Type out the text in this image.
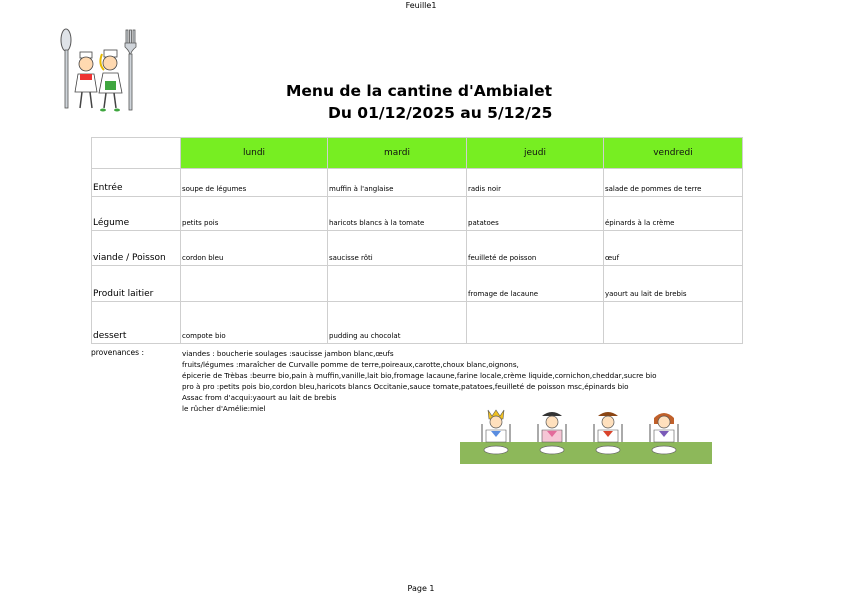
Feuille1
Menu de la cantine d'Ambialet
Du 01/12/2025 au 5/12/25
	lundi	mardi	jeudi	vendredi
Entrée	soupe de légumes	muffin à l'anglaise	radis noir	salade de pommes de terre
Légume	petits pois	haricots blancs à la tomate	patatoes	épinards à la crème
viande / Poisson	cordon bleu	saucisse rôti	feuilleté de poisson	œuf
Produit laitier			fromage de lacaune	yaourt au lait de brebis
dessert	compote bio	pudding au chocolat		
provenances :	viandes : boucherie soulages :saucisse jambon blanc,œufs
fruits/légumes :maraîcher de Curvalle pomme de terre,poireaux,carotte,choux blanc,oignons,
épicerie de Trèbas :beurre bio,pain à muffin,vanille,lait bio,fromage lacaune,farine locale,crème liquide,cornichon,cheddar,sucre bio
pro à pro :petits pois bio,cordon bleu,haricots blancs Occitanie,sauce tomate,patatoes,feuilleté de poisson msc,épinards bio
Assac from d'acqui:yaourt au lait de brebis
le rûcher d'Amélie:miel
Page 1
